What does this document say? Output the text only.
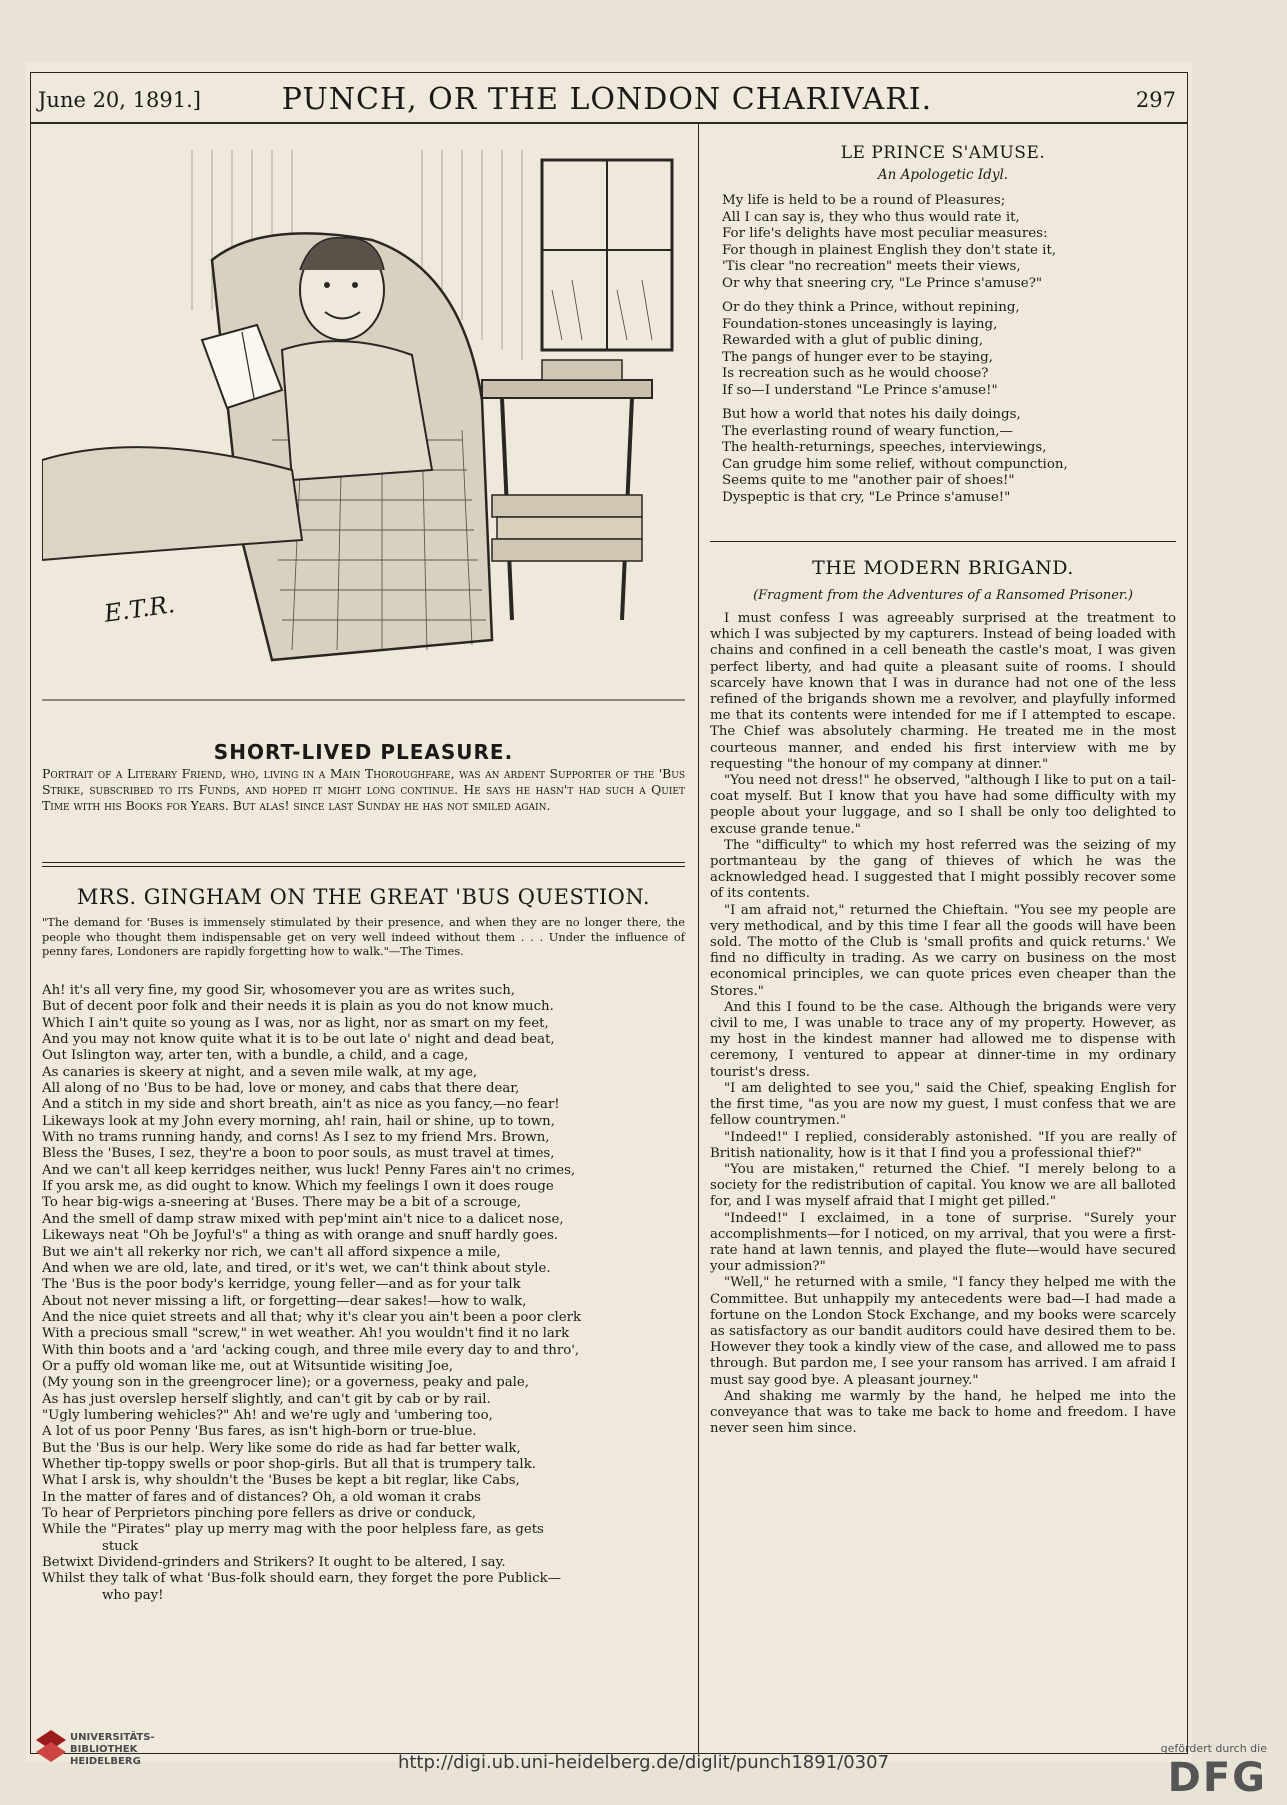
June 20, 1891.]	PUNCH, OR THE LONDON CHARIVARI.	297
E.T.R.
SHORT-LIVED PLEASURE.
Portrait of a Literary Friend, who, living in a Main Thoroughfare, was an ardent Supporter of the 'Bus Strike, subscribed to its Funds, and hoped it might long continue. He says he hasn't had such a Quiet Time with his Books for Years. But alas! since last Sunday he has not smiled again.
MRS. GINGHAM ON THE GREAT 'BUS QUESTION.
"The demand for 'Buses is immensely stimulated by their presence, and when they are no longer there, the people who thought them indispensable get on very well indeed without them . . . Under the influence of penny fares, Londoners are rapidly forgetting how to walk."—The Times.
Ah! it's all very fine, my good Sir, whosomever you are as writes such,
But of decent poor folk and their needs it is plain as you do not know much.
Which I ain't quite so young as I was, nor as light, nor as smart on my feet,
And you may not know quite what it is to be out late o' night and dead beat,
Out Islington way, arter ten, with a bundle, a child, and a cage,
As canaries is skeery at night, and a seven mile walk, at my age,
All along of no 'Bus to be had, love or money, and cabs that there dear,
And a stitch in my side and short breath, ain't as nice as you fancy,—no fear!
Likeways look at my John every morning, ah! rain, hail or shine, up to town,
With no trams running handy, and corns! As I sez to my friend Mrs. Brown,
Bless the 'Buses, I sez, they're a boon to poor souls, as must travel at times,
And we can't all keep kerridges neither, wus luck! Penny Fares ain't no crimes,
If you arsk me, as did ought to know. Which my feelings I own it does rouge
To hear big-wigs a-sneering at 'Buses. There may be a bit of a scrouge,
And the smell of damp straw mixed with pep'mint ain't nice to a dalicet nose,
Likeways neat "Oh be Joyful's" a thing as with orange and snuff hardly goes.
But we ain't all rekerky nor rich, we can't all afford sixpence a mile,
And when we are old, late, and tired, or it's wet, we can't think about style.
The 'Bus is the poor body's kerridge, young feller—and as for your talk
About not never missing a lift, or forgetting—dear sakes!—how to walk,
And the nice quiet streets and all that; why it's clear you ain't been a poor clerk
With a precious small "screw," in wet weather. Ah! you wouldn't find it no lark
With thin boots and a 'ard 'acking cough, and three mile every day to and thro',
Or a puffy old woman like me, out at Witsuntide wisiting Joe,
(My young son in the greengrocer line); or a governess, peaky and pale,
As has just overslep herself slightly, and can't git by cab or by rail.
"Ugly lumbering wehicles?" Ah! and we're ugly and 'umbering too,
A lot of us poor Penny 'Bus fares, as isn't high-born or true-blue.
But the 'Bus is our help. Wery like some do ride as had far better walk,
Whether tip-toppy swells or poor shop-girls. But all that is trumpery talk.
What I arsk is, why shouldn't the 'Buses be kept a bit reglar, like Cabs,
In the matter of fares and of distances? Oh, a old woman it crabs
To hear of Perprietors pinching pore fellers as drive or conduck,
While the "Pirates" play up merry mag with the poor helpless fare, as gets
stuck
Betwixt Dividend-grinders and Strikers? It ought to be altered, I say.
Whilst they talk of what 'Bus-folk should earn, they forget the pore Publick—
who pay!
LE PRINCE S'AMUSE.
An Apologetic Idyl.
My life is held to be a round of Pleasures;
All I can say is, they who thus would rate it,
For life's delights have most peculiar measures:
For though in plainest English they don't state it,
'Tis clear "no recreation" meets their views,
Or why that sneering cry, "Le Prince s'amuse?"
Or do they think a Prince, without repining,
Foundation-stones unceasingly is laying,
Rewarded with a glut of public dining,
The pangs of hunger ever to be staying,
Is recreation such as he would choose?
If so—I understand "Le Prince s'amuse!"
But how a world that notes his daily doings,
The everlasting round of weary function,—
The health-returnings, speeches, interviewings,
Can grudge him some relief, without compunction,
Seems quite to me "another pair of shoes!"
Dyspeptic is that cry, "Le Prince s'amuse!"
THE MODERN BRIGAND.
(Fragment from the Adventures of a Ransomed Prisoner.)

I must confess I was agreeably surprised at the treatment to which I was subjected by my capturers. Instead of being loaded with chains and confined in a cell beneath the castle's moat, I was given perfect liberty, and had quite a pleasant suite of rooms. I should scarcely have known that I was in durance had not one of the less refined of the brigands shown me a revolver, and playfully informed me that its contents were intended for me if I attempted to escape. The Chief was absolutely charming. He treated me in the most courteous manner, and ended his first interview with me by requesting "the honour of my company at dinner."

"You need not dress!" he observed, "although I like to put on a tail-coat myself. But I know that you have had some difficulty with my people about your luggage, and so I shall be only too delighted to excuse grande tenue."

The "difficulty" to which my host referred was the seizing of my portmanteau by the gang of thieves of which he was the acknowledged head. I suggested that I might possibly recover some of its contents.

"I am afraid not," returned the Chieftain. "You see my people are very methodical, and by this time I fear all the goods will have been sold. The motto of the Club is 'small profits and quick returns.' We find no difficulty in trading. As we carry on business on the most economical principles, we can quote prices even cheaper than the Stores."

And this I found to be the case. Although the brigands were very civil to me, I was unable to trace any of my property. However, as my host in the kindest manner had allowed me to dispense with ceremony, I ventured to appear at dinner-time in my ordinary tourist's dress.

"I am delighted to see you," said the Chief, speaking English for the first time, "as you are now my guest, I must confess that we are fellow countrymen."

"Indeed!" I replied, considerably astonished. "If you are really of British nationality, how is it that I find you a professional thief?"

"You are mistaken," returned the Chief. "I merely belong to a society for the redistribution of capital. You know we are all balloted for, and I was myself afraid that I might get pilled."

"Indeed!" I exclaimed, in a tone of surprise. "Surely your accomplishments—for I noticed, on my arrival, that you were a first-rate hand at lawn tennis, and played the flute—would have secured your admission?"

"Well," he returned with a smile, "I fancy they helped me with the Committee. But unhappily my antecedents were bad—I had made a fortune on the London Stock Exchange, and my books were scarcely as satisfactory as our bandit auditors could have desired them to be. However they took a kindly view of the case, and allowed me to pass through. But pardon me, I see your ransom has arrived. I am afraid I must say good bye. A pleasant journey."

And shaking me warmly by the hand, he helped me into the conveyance that was to take me back to home and freedom. I have never seen him since.

UNIVERSITÄTS-
BIBLIOTHEK
HEIDELBERG	http://digi.ub.uni-heidelberg.de/diglit/punch1891/0307
gefördert durch die
DFG
